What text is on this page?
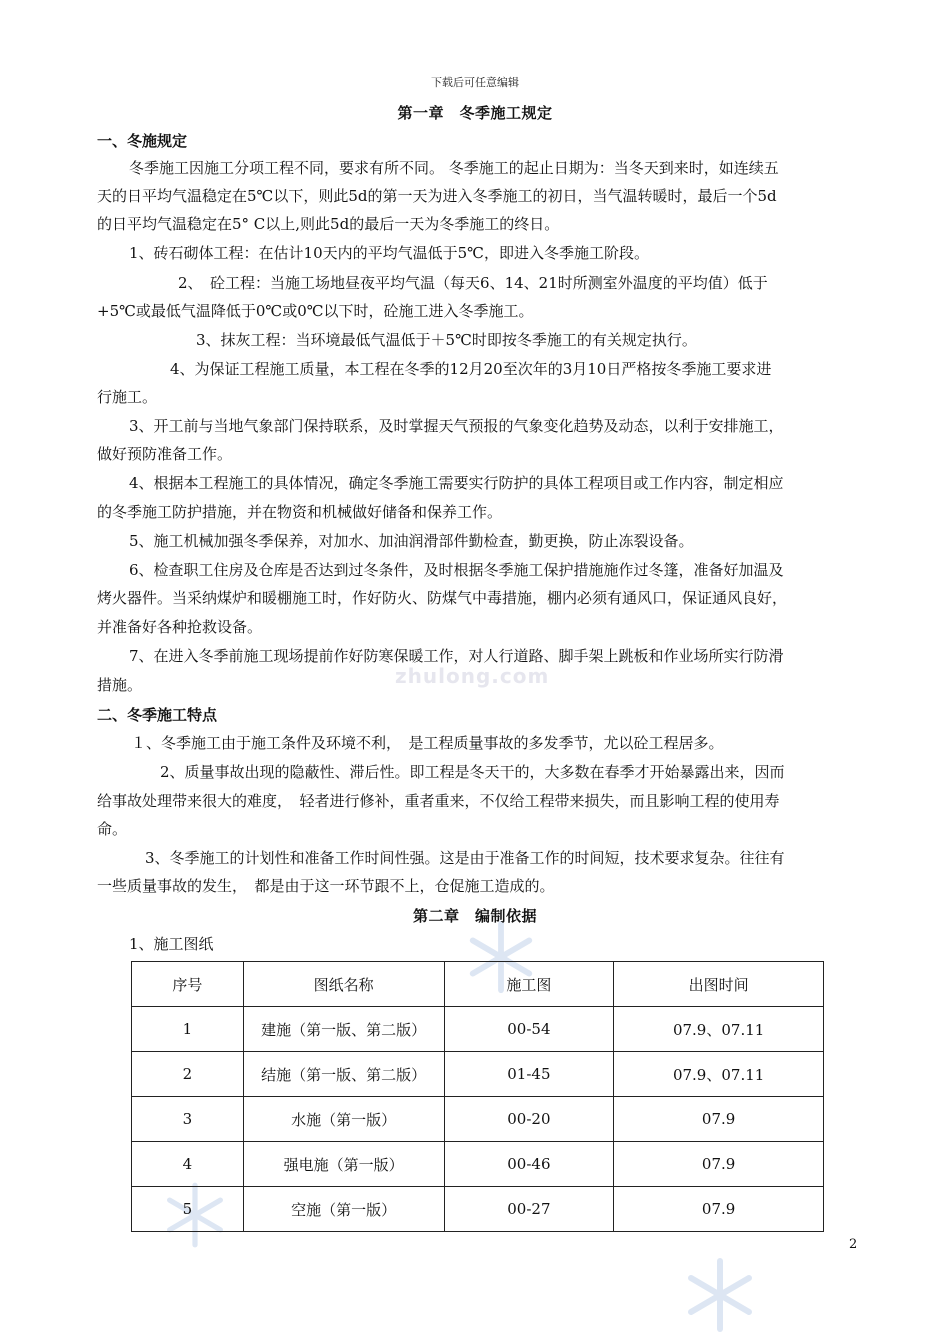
zhulong.com
下载后可任意编辑
第一章　冬季施工规定
一、冬施规定
冬季施工因施工分项工程不同，要求有所不同。 冬季施工的起止日期为：当冬天到来时，如连续五
天的日平均气温稳定在5℃以下，则此5d的第一天为进入冬季施工的初日，当气温转暖时，最后一个5d
的日平均气温稳定在5° C以上,则此5d的最后一天为冬季施工的终日。
1、砖石砌体工程：在估计10天内的平均气温低于5℃，即进入冬季施工阶段。
2、　砼工程：当施工场地昼夜平均气温（每天6、14、21时所测室外温度的平均值）低于
+5℃或最低气温降低于0℃或0℃以下时，砼施工进入冬季施工。
3、抹灰工程：当环境最低气温低于＋5℃时即按冬季施工的有关规定执行。
4、为保证工程施工质量，本工程在冬季的12月20至次年的3月10日严格按冬季施工要求进
行施工。
3、开工前与当地气象部门保持联系，及时掌握天气预报的气象变化趋势及动态，以利于安排施工，
做好预防准备工作。
4、根据本工程施工的具体情况，确定冬季施工需要实行防护的具体工程项目或工作内容，制定相应
的冬季施工防护措施，并在物资和机械做好储备和保养工作。
5、施工机械加强冬季保养，对加水、加油润滑部件勤检查，勤更换，防止冻裂设备。
6、检查职工住房及仓库是否达到过冬条件，及时根据冬季施工保护措施施作过冬篷，准备好加温及
烤火器件。当采纳煤炉和暖棚施工时，作好防火、防煤气中毒措施，棚内必须有通风口，保证通风良好，
并准备好各种抢救设备。
7、在进入冬季前施工现场提前作好防寒保暖工作，对人行道路、脚手架上跳板和作业场所实行防滑
措施。
二、冬季施工特点
１、冬季施工由于施工条件及环境不利，　是工程质量事故的多发季节，尤以砼工程居多。
2、质量事故出现的隐蔽性、滞后性。即工程是冬天干的，大多数在春季才开始暴露出来，因而
给事故处理带来很大的难度，　轻者进行修补，重者重来，不仅给工程带来损失，而且影响工程的使用寿
命。
3、冬季施工的计划性和准备工作时间性强。这是由于准备工作的时间短，技术要求复杂。往往有
一些质量事故的发生，　都是由于这一环节跟不上，仓促施工造成的。
第二章　编制依据
1、施工图纸
序号	图纸名称	施工图	出图时间
1	建施（第一版、第二版）	00-54	07.9、07.11
2	结施（第一版、第二版）	01-45	07.9、07.11
3	水施（第一版）	00-20	07.9
4	强电施（第一版）	00-46	07.9
5	空施（第一版）	00-27	07.9
2
